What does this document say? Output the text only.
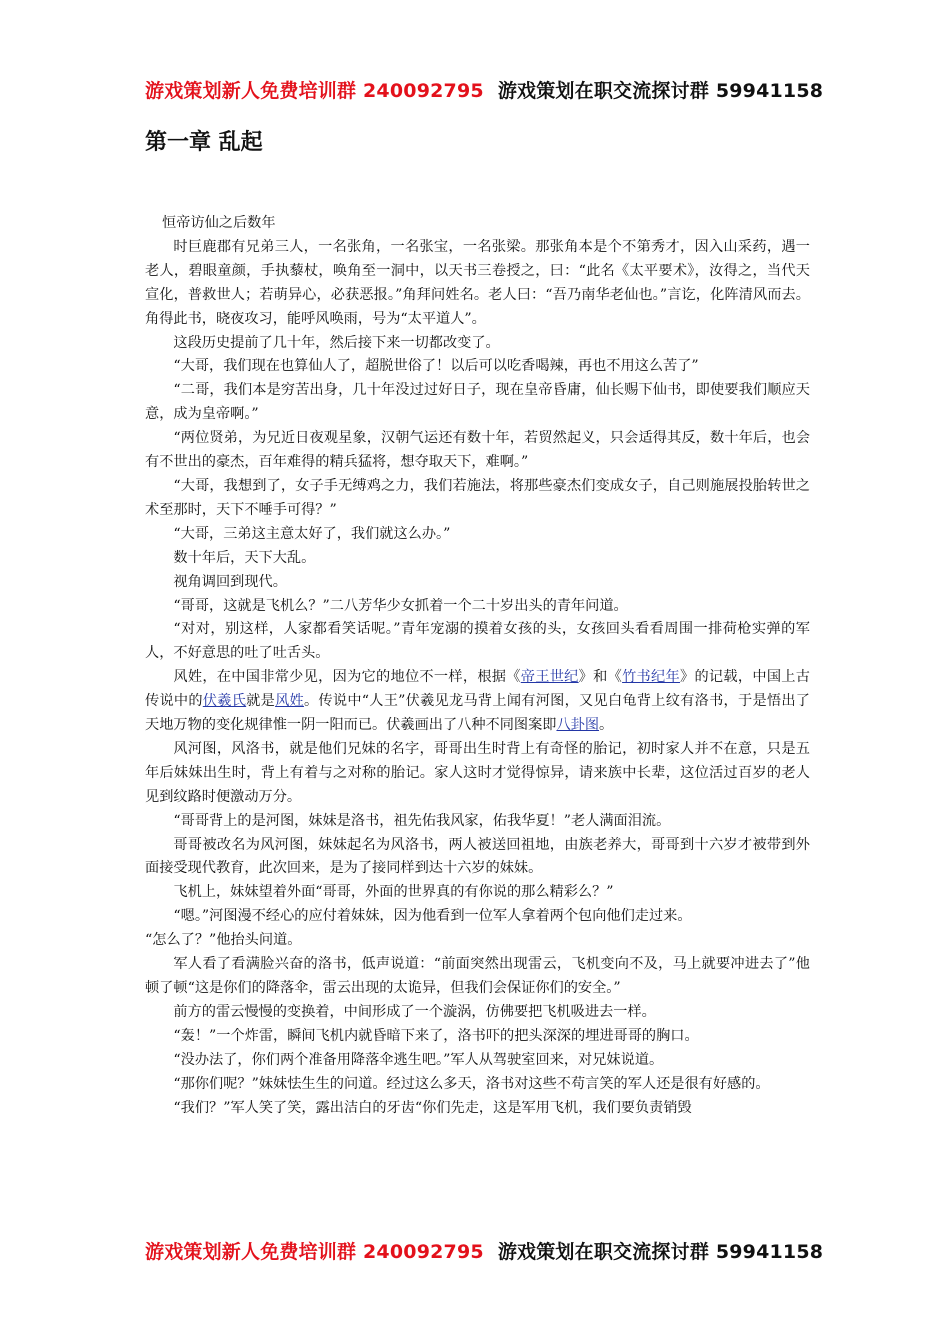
游戏策划新人免费培训群 240092795 游戏策划在职交流探讨群 59941158
第一章 乱起

恒帝访仙之后数年

时巨鹿郡有兄弟三人，一名张角，一名张宝，一名张梁。那张角本是个不第秀才，因入山采药，遇一老人，碧眼童颜，手执藜杖，唤角至一洞中，以天书三卷授之，曰：“此名《太平要术》，汝得之，当代天宣化，普救世人；若萌异心，必获恶报。”角拜问姓名。老人曰：“吾乃南华老仙也。”言讫，化阵清风而去。角得此书，晓夜攻习，能呼风唤雨，号为“太平道人”。

这段历史提前了几十年，然后接下来一切都改变了。

“大哥，我们现在也算仙人了，超脱世俗了！以后可以吃香喝辣，再也不用这么苦了”

“二哥，我们本是穷苦出身，几十年没过过好日子，现在皇帝昏庸，仙长赐下仙书，即使要我们顺应天意，成为皇帝啊。”

“两位贤弟，为兄近日夜观星象，汉朝气运还有数十年，若贸然起义，只会适得其反，数十年后，也会有不世出的豪杰，百年难得的精兵猛将，想夺取天下，难啊。”

“大哥，我想到了，女子手无缚鸡之力，我们若施法，将那些豪杰们变成女子，自己则施展投胎转世之术至那时，天下不唾手可得？”

“大哥，三弟这主意太好了，我们就这么办。”

数十年后，天下大乱。

视角调回到现代。

“哥哥，这就是飞机么？”二八芳华少女抓着一个二十岁出头的青年问道。

“对对，别这样，人家都看笑话呢。”青年宠溺的摸着女孩的头，女孩回头看看周围一排荷枪实弹的军人，不好意思的吐了吐舌头。

风姓，在中国非常少见，因为它的地位不一样，根据《帝王世纪》和《竹书纪年》的记载，中国上古传说中的伏羲氏就是风姓。传说中“人王”伏羲见龙马背上闻有河图，又见白龟背上纹有洛书，于是悟出了天地万物的变化规律惟一阴一阳而已。伏羲画出了八种不同图案即八卦图。

风河图，风洛书，就是他们兄妹的名字，哥哥出生时背上有奇怪的胎记，初时家人并不在意，只是五年后妹妹出生时，背上有着与之对称的胎记。家人这时才觉得惊异，请来族中长辈，这位活过百岁的老人见到纹路时便激动万分。

“哥哥背上的是河图，妹妹是洛书，祖先佑我风家，佑我华夏！”老人满面泪流。

哥哥被改名为风河图，妹妹起名为风洛书，两人被送回祖地，由族老养大，哥哥到十六岁才被带到外面接受现代教育，此次回来，是为了接同样到达十六岁的妹妹。

飞机上，妹妹望着外面“哥哥，外面的世界真的有你说的那么精彩么？”

“嗯。”河图漫不经心的应付着妹妹，因为他看到一位军人拿着两个包向他们走过来。

“怎么了？”他抬头问道。

军人看了看满脸兴奋的洛书，低声说道：“前面突然出现雷云，飞机变向不及，马上就要冲进去了”他顿了顿“这是你们的降落伞，雷云出现的太诡异，但我们会保证你们的安全。”

前方的雷云慢慢的变换着，中间形成了一个漩涡，仿佛要把飞机吸进去一样。

“轰！”一个炸雷，瞬间飞机内就昏暗下来了，洛书吓的把头深深的埋进哥哥的胸口。

“没办法了，你们两个准备用降落伞逃生吧。”军人从驾驶室回来，对兄妹说道。

“那你们呢？”妹妹怯生生的问道。经过这么多天，洛书对这些不苟言笑的军人还是很有好感的。

“我们？”军人笑了笑，露出洁白的牙齿“你们先走，这是军用飞机，我们要负责销毁

游戏策划新人免费培训群 240092795 游戏策划在职交流探讨群 59941158
